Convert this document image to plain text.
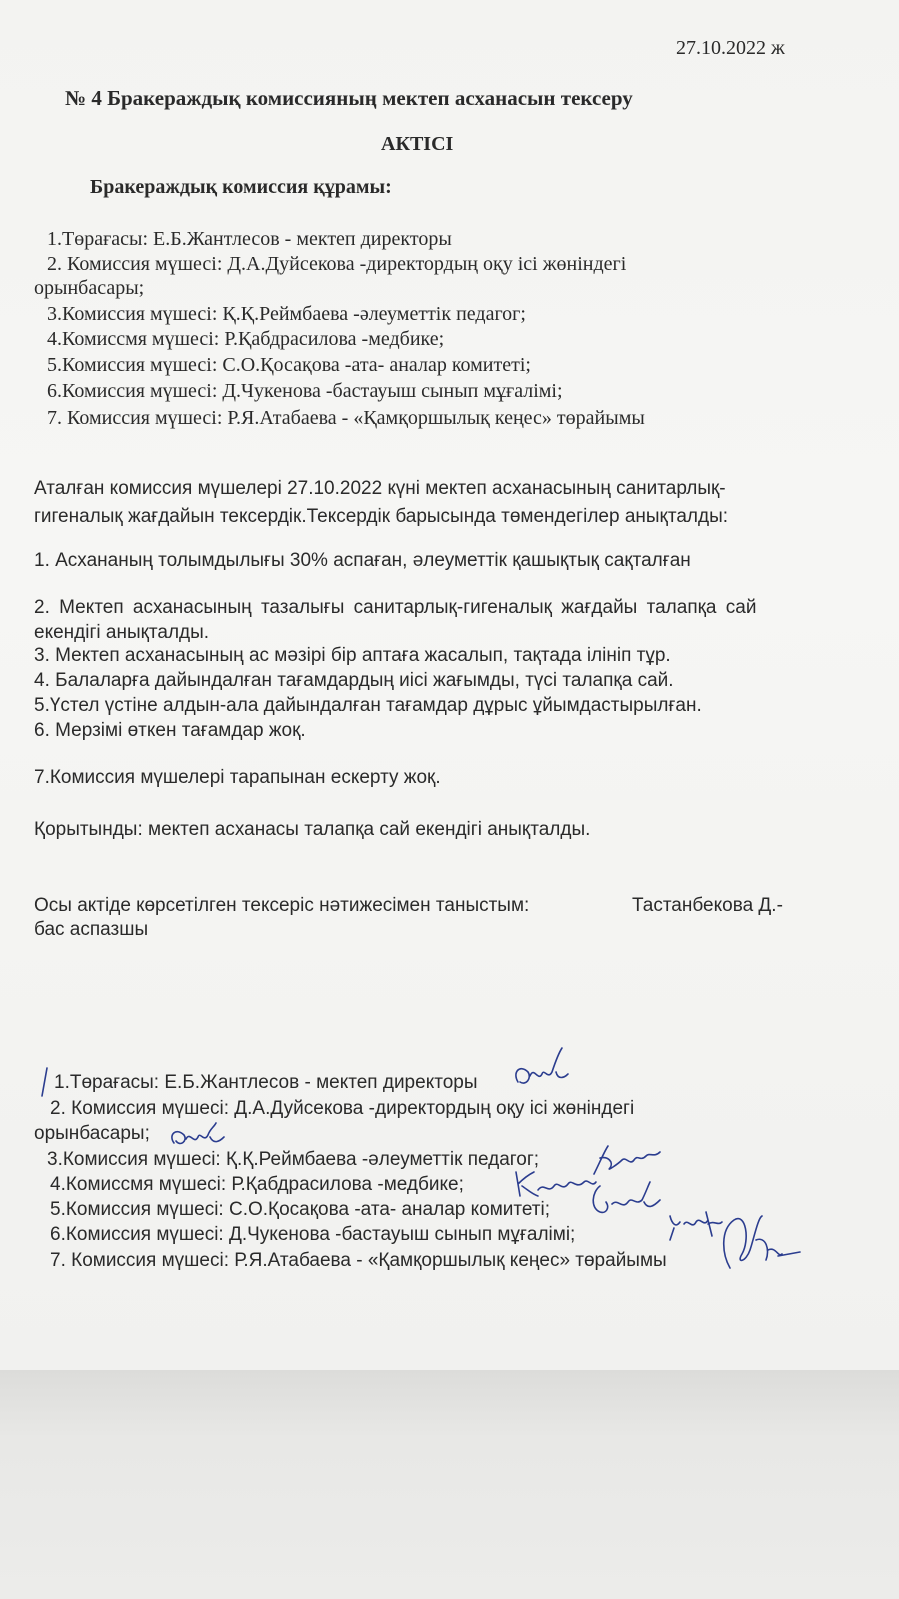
27.10.2022 ж
№ 4 Бракераждық комиссияның мектеп асханасын тексеру
АКТІСІ
Бракераждық комиссия құрамы:
1.Төрағасы: Е.Б.Жантлесов - мектеп директоры
2. Комиссия мүшесі: Д.А.Дуйсекова -директордың оқу ісі жөніндегі
орынбасары;
3.Комиссия мүшесі: Қ.Қ.Реймбаева -әлеуметтік педагог;
4.Комиссмя мүшесі: Р.Қабдрасилова -медбике;
5.Комиссия мүшесі: С.О.Қосақова -ата- аналар комитеті;
6.Комиссия мүшесі: Д.Чукенова -бастауыш сынып мұғалімі;
7. Комиссия мүшесі: Р.Я.Атабаева - «Қамқоршылық кеңес» төрайымы
Аталған комиссия мүшелері 27.10.2022 күні мектеп асханасының санитарлық-
гигеналық жағдайын тексердік.Тексердік барысында төмендегілер анықталды:
1. Асхананың толымдылығы 30% аспаған, әлеуметтік қашықтық сақталған
2. Мектеп асханасының тазалығы санитарлық-гигеналық жағдайы талапқа сай
екендігі анықталды.
3. Мектеп асханасының ас мәзірі бір аптаға жасалып, тақтада ілініп тұр.
4. Балаларға дайындалған тағамдардың иісі жағымды, түсі талапқа сай.
5.Үстел үстіне алдын-ала дайындалған тағамдар дұрыс ұйымдастырылған.
6. Мерзімі өткен тағамдар жоқ.
7.Комиссия мүшелері тарапынан ескерту жоқ.
Қорытынды: мектеп асханасы талапқа сай екендігі анықталды.
Осы актіде көрсетілген тексеріс нәтижесімен таныстым:	Тастанбекова Д.-
бас аспазшы
1.Төрағасы: Е.Б.Жантлесов - мектеп директоры
2. Комиссия мүшесі: Д.А.Дуйсекова -директордың оқу ісі жөніндегі
орынбасары;
3.Комиссия мүшесі: Қ.Қ.Реймбаева -әлеуметтік педагог;
4.Комиссмя мүшесі: Р.Қабдрасилова -медбике;
5.Комиссия мүшесі: С.О.Қосақова -ата- аналар комитеті;
6.Комиссия мүшесі: Д.Чукенова -бастауыш сынып мұғалімі;
7. Комиссия мүшесі: Р.Я.Атабаева - «Қамқоршылық кеңес» төрайымы
